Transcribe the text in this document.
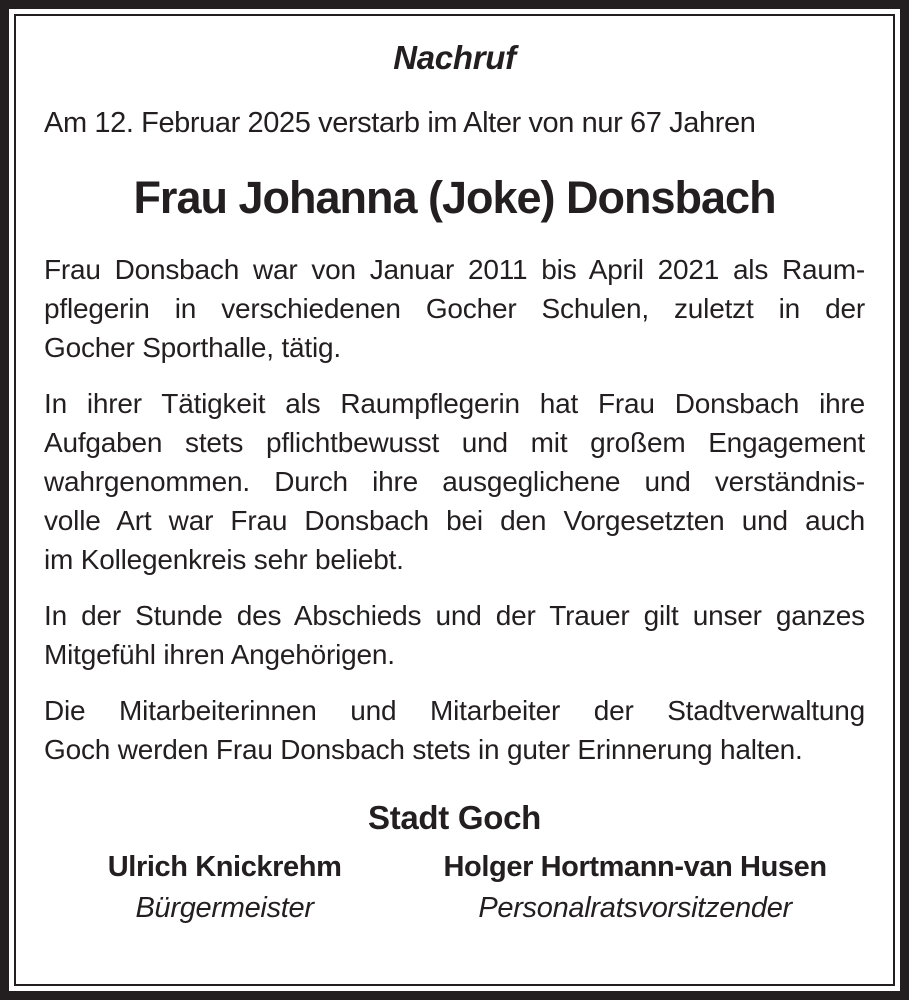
Nachruf
Am 12. Februar 2025 verstarb im Alter von nur 67 Jahren
Frau Johanna (Joke) Donsbach
Frau Donsbach war von Januar 2011 bis April 2021 als Raum-
pflegerin in verschiedenen Gocher Schulen, zuletzt in der
Gocher Sporthalle, tätig.
In ihrer Tätigkeit als Raumpflegerin hat Frau Donsbach ihre
Aufgaben stets pflichtbewusst und mit großem Engagement
wahrgenommen. Durch ihre ausgeglichene und verständnis-
volle Art war Frau Donsbach bei den Vorgesetzten und auch
im Kollegenkreis sehr beliebt.
In der Stunde des Abschieds und der Trauer gilt unser ganzes
Mitgefühl ihren Angehörigen.
Die Mitarbeiterinnen und Mitarbeiter der Stadtverwaltung
Goch werden Frau Donsbach stets in guter Erinnerung halten.
Stadt Goch
Ulrich Knickrehm
Bürgermeister
Holger Hortmann-van Husen
Personalratsvorsitzender
